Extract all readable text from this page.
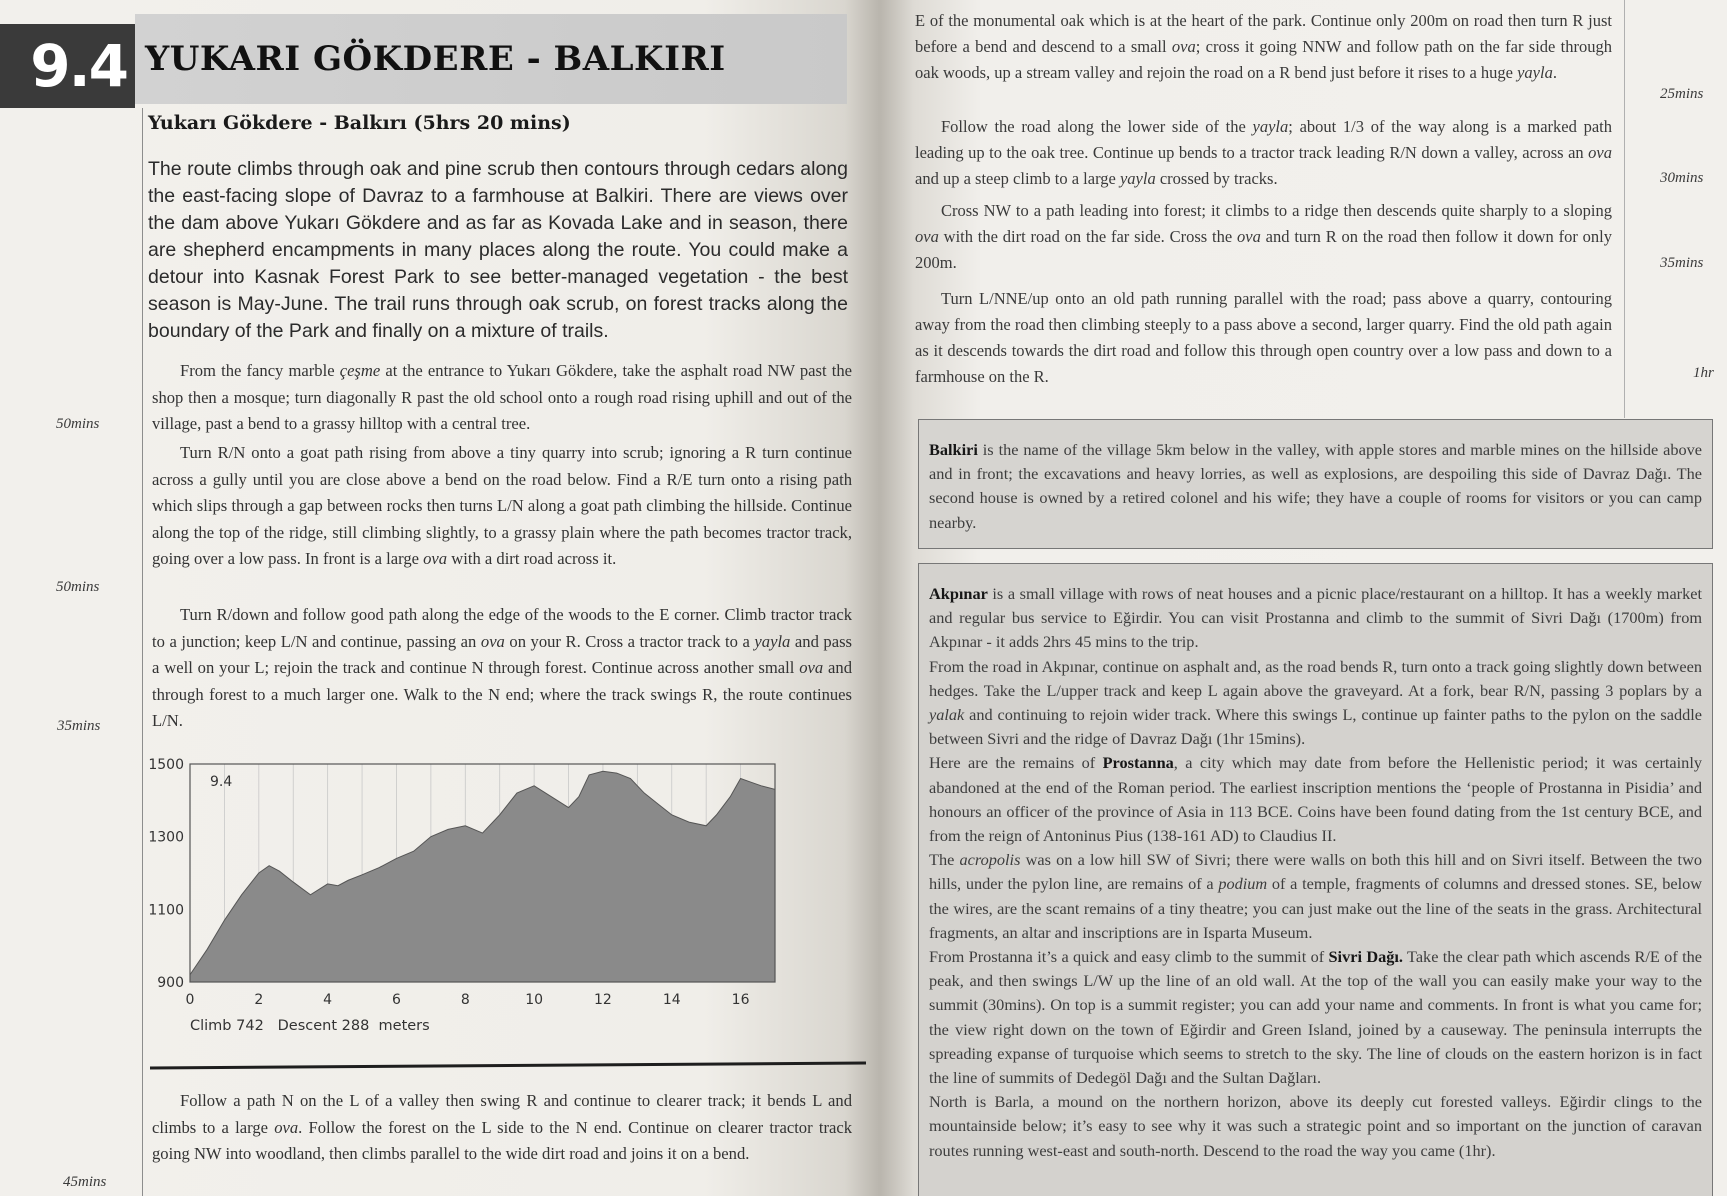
9.4 YUKARI GÖKDERE - BALKIRI
Yukarı Gökdere - Balkırı (5hrs 20 mins)

The route climbs through oak and pine scrub then contours through cedars along the east-facing slope of Davraz to a farmhouse at Balkiri. There are views over the dam above Yukarı Gökdere and as far as Kovada Lake and in season, there are shepherd encampments in many places along the route. You could make a detour into Kasnak Forest Park to see better-managed vegetation - the best season is May-June. The trail runs through oak scrub, on forest tracks along the boundary of the Park and finally on a mixture of trails.

From the fancy marble çeşme at the entrance to Yukarı Gökdere, take the asphalt road NW past the shop then a mosque; turn diagonally R past the old school onto a rough road rising uphill and out of the village, past a bend to a grassy hilltop with a central tree.

Turn R/N onto a goat path rising from above a tiny quarry into scrub; ignoring a R turn continue across a gully until you are close above a bend on the road below. Find a R/E turn onto a rising path which slips through a gap between rocks then turns L/N along a goat path climbing the hillside. Continue along the top of the ridge, still climbing slightly, to a grassy plain where the path becomes tractor track, going over a low pass. In front is a large ova with a dirt road across it.

Turn R/down and follow good path along the edge of the woods to the E corner. Climb tractor track to a junction; keep L/N and continue, passing an ova on your R. Cross a tractor track to a yayla and pass a well on your L; rejoin the track and continue N through forest. Continue across another small ova and through forest to a much larger one. Walk to the N end; where the track swings R, the route continues L/N.

Follow a path N on the L of a valley then swing R and continue to clearer track; it bends L and climbs to a large ova. Follow the forest on the L side to the N end. Continue on clearer tractor track going NW into woodland, then climbs parallel to the wide dirt road and joins it on a bend.

50mins
50mins
35mins
45mins
9.4
1500
1300
1100
900
0	2	4	6	8	10	12	14	16
Climb 742   Descent 288  meters

E of the monumental oak which is at the heart of the park. Continue only 200m on road then turn R just before a bend and descend to a small ova; cross it going NNW and follow path on the far side through oak woods, up a stream valley and rejoin the road on a R bend just before it rises to a huge yayla.

Follow the road along the lower side of the yayla; about 1/3 of the way along is a marked path leading up to the oak tree. Continue up bends to a tractor track leading R/N down a valley, across an ova and up a steep climb to a large yayla crossed by tracks.

Cross NW to a path leading into forest; it climbs to a ridge then descends quite sharply to a sloping ova with the dirt road on the far side. Cross the ova and turn R on the road then follow it down for only 200m.

Turn L/NNE/up onto an old path running parallel with the road; pass above a quarry, contouring away from the road then climbing steeply to a pass above a second, larger quarry. Find the old path again as it descends towards the dirt road and follow this through open country over a low pass and down to a farmhouse on the R.

25mins
30mins
35mins
1hr

Balkiri is the name of the village 5km below in the valley, with apple stores and marble mines on the hillside above and in front; the excavations and heavy lorries, as well as explosions, are despoiling this side of Davraz Dağı. The second house is owned by a retired colonel and his wife; they have a couple of rooms for visitors or you can camp nearby.

Akpınar is a small village with rows of neat houses and a picnic place/restaurant on a hilltop. It has a weekly market and regular bus service to Eğirdir. You can visit Prostanna and climb to the summit of Sivri Dağı (1700m) from Akpınar - it adds 2hrs 45 mins to the trip.
From the road in Akpınar, continue on asphalt and, as the road bends R, turn onto a track going slightly down between hedges. Take the L/upper track and keep L again above the graveyard. At a fork, bear R/N, passing 3 poplars by a yalak and continuing to rejoin wider track. Where this swings L, continue up fainter paths to the pylon on the saddle between Sivri and the ridge of Davraz Dağı (1hr 15mins).
Here are the remains of Prostanna, a city which may date from before the Hellenistic period; it was certainly abandoned at the end of the Roman period. The earliest inscription mentions the ‘people of Prostanna in Pisidia’ and honours an officer of the province of Asia in 113 BCE. Coins have been found dating from the 1st century BCE, and from the reign of Antoninus Pius (138-161 AD) to Claudius II.
The acropolis was on a low hill SW of Sivri; there were walls on both this hill and on Sivri itself. Between the two hills, under the pylon line, are remains of a podium of a temple, fragments of columns and dressed stones. SE, below the wires, are the scant remains of a tiny theatre; you can just make out the line of the seats in the grass. Architectural fragments, an altar and inscriptions are in Isparta Museum.
From Prostanna it’s a quick and easy climb to the summit of Sivri Dağı. Take the clear path which ascends R/E of the peak, and then swings L/W up the line of an old wall. At the top of the wall you can easily make your way to the summit (30mins). On top is a summit register; you can add your name and comments. In front is what you came for; the view right down on the town of Eğirdir and Green Island, joined by a causeway. The peninsula interrupts the spreading expanse of turquoise which seems to stretch to the sky. The line of clouds on the eastern horizon is in fact the line of summits of Dedegöl Dağı and the Sultan Dağları.
North is Barla, a mound on the northern horizon, above its deeply cut forested valleys. Eğirdir clings to the mountainside below; it’s easy to see why it was such a strategic point and so important on the junction of caravan routes running west-east and south-north. Descend to the road the way you came (1hr).
